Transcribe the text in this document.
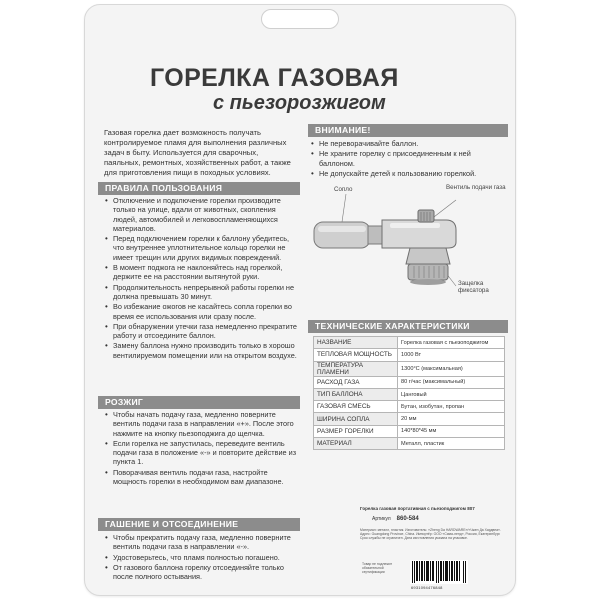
ГОРЕЛКА ГАЗОВАЯ
с пьезорозжигом

Газовая горелка дает возможность получать контролируемое пламя для выполнения различных задач в быту. Используется для сварочных, паяльных, ремонтных, хозяйственных работ, а также для приготовления пищи в походных условиях.

ПРАВИЛА ПОЛЬЗОВАНИЯ
• Отключение и подключение горелки производите только на улице, вдали от животных, скопления людей, автомобилей и легковоспламеняющихся материалов.
• Перед подключением горелки к баллону убедитесь, что внутреннее уплотнительное кольцо горелки не имеет трещин или других видимых повреждений.
• В момент поджога не наклоняйтесь над горелкой, держите ее на расстоянии вытянутой руки.
• Продолжительность непрерывной работы горелки не должна превышать 30 минут.
• Во избежание ожогов не касайтесь сопла горелки во время ее использования или сразу после.
• При обнаружении утечки газа немедленно прекратите работу и отсоедините баллон.
• Замену баллона нужно производить только в хорошо вентилируемом помещении или на открытом воздухе.
РОЗЖИГ
• Чтобы начать подачу газа, медленно поверните вентиль подачи газа в направлении «+». После этого нажмите на кнопку пьезоподжига до щелчка.
• Если горелка не запустилась, переведите вентиль подачи газа в положение «-» и повторите действие из пункта 1.
• Поворачивая вентиль подачи газа, настройте мощность горелки в необходимом вам диапазоне.
ГАШЕНИЕ И ОТСОЕДИНЕНИЕ
• Чтобы прекратить подачу газа, медленно поверните вентиль подачи газа в направлении «-».
• Удостоверьтесь, что пламя полностью погашено.
• От газового баллона горелку отсоединяйте только после полного остывания.
ВНИМАНИЕ!
• Не переворачивайте баллон.
• Не храните горелку с присоединенным к ней баллоном.
• Не допускайте детей к пользованию горелкой.
Сопло	Вентиль подачи газа
Защелка фиксатора
ТЕХНИЧЕСКИЕ ХАРАКТЕРИСТИКИ
НАЗВАНИЕ	Горелка газовая с пьезоподжигом
ТЕПЛОВАЯ МОЩНОСТЬ	1000 Вт
ТЕМПЕРАТУРА ПЛАМЕНИ	1300°С (максимальная)
РАСХОД ГАЗА	80 г/час (максимальный)
ТИП БАЛЛОНА	Цанговый
ГАЗОВАЯ СМЕСЬ	Бутан, изобутан, пропан
ШИРИНА СОПЛА	20 мм
РАЗМЕР ГОРЕЛКИ	140*80*45 мм
МАТЕРИАЛ	Металл, пластик
Горелка газовая портативная с пьезоподжигом 807
Артикул 860-584
Материал: металл, пластик. Изготовитель: «Zheng Da HARDWARE»/«Чжен Да Хардвеа». Адрес: Guangdong Province, China. Импортёр: ООО «Сима-ленд», Россия, Екатеринбург. Срок службы не ограничен. Дата изготовления указана на упаковке.
Товар не подлежит обязательной сертификации
6931094476848
